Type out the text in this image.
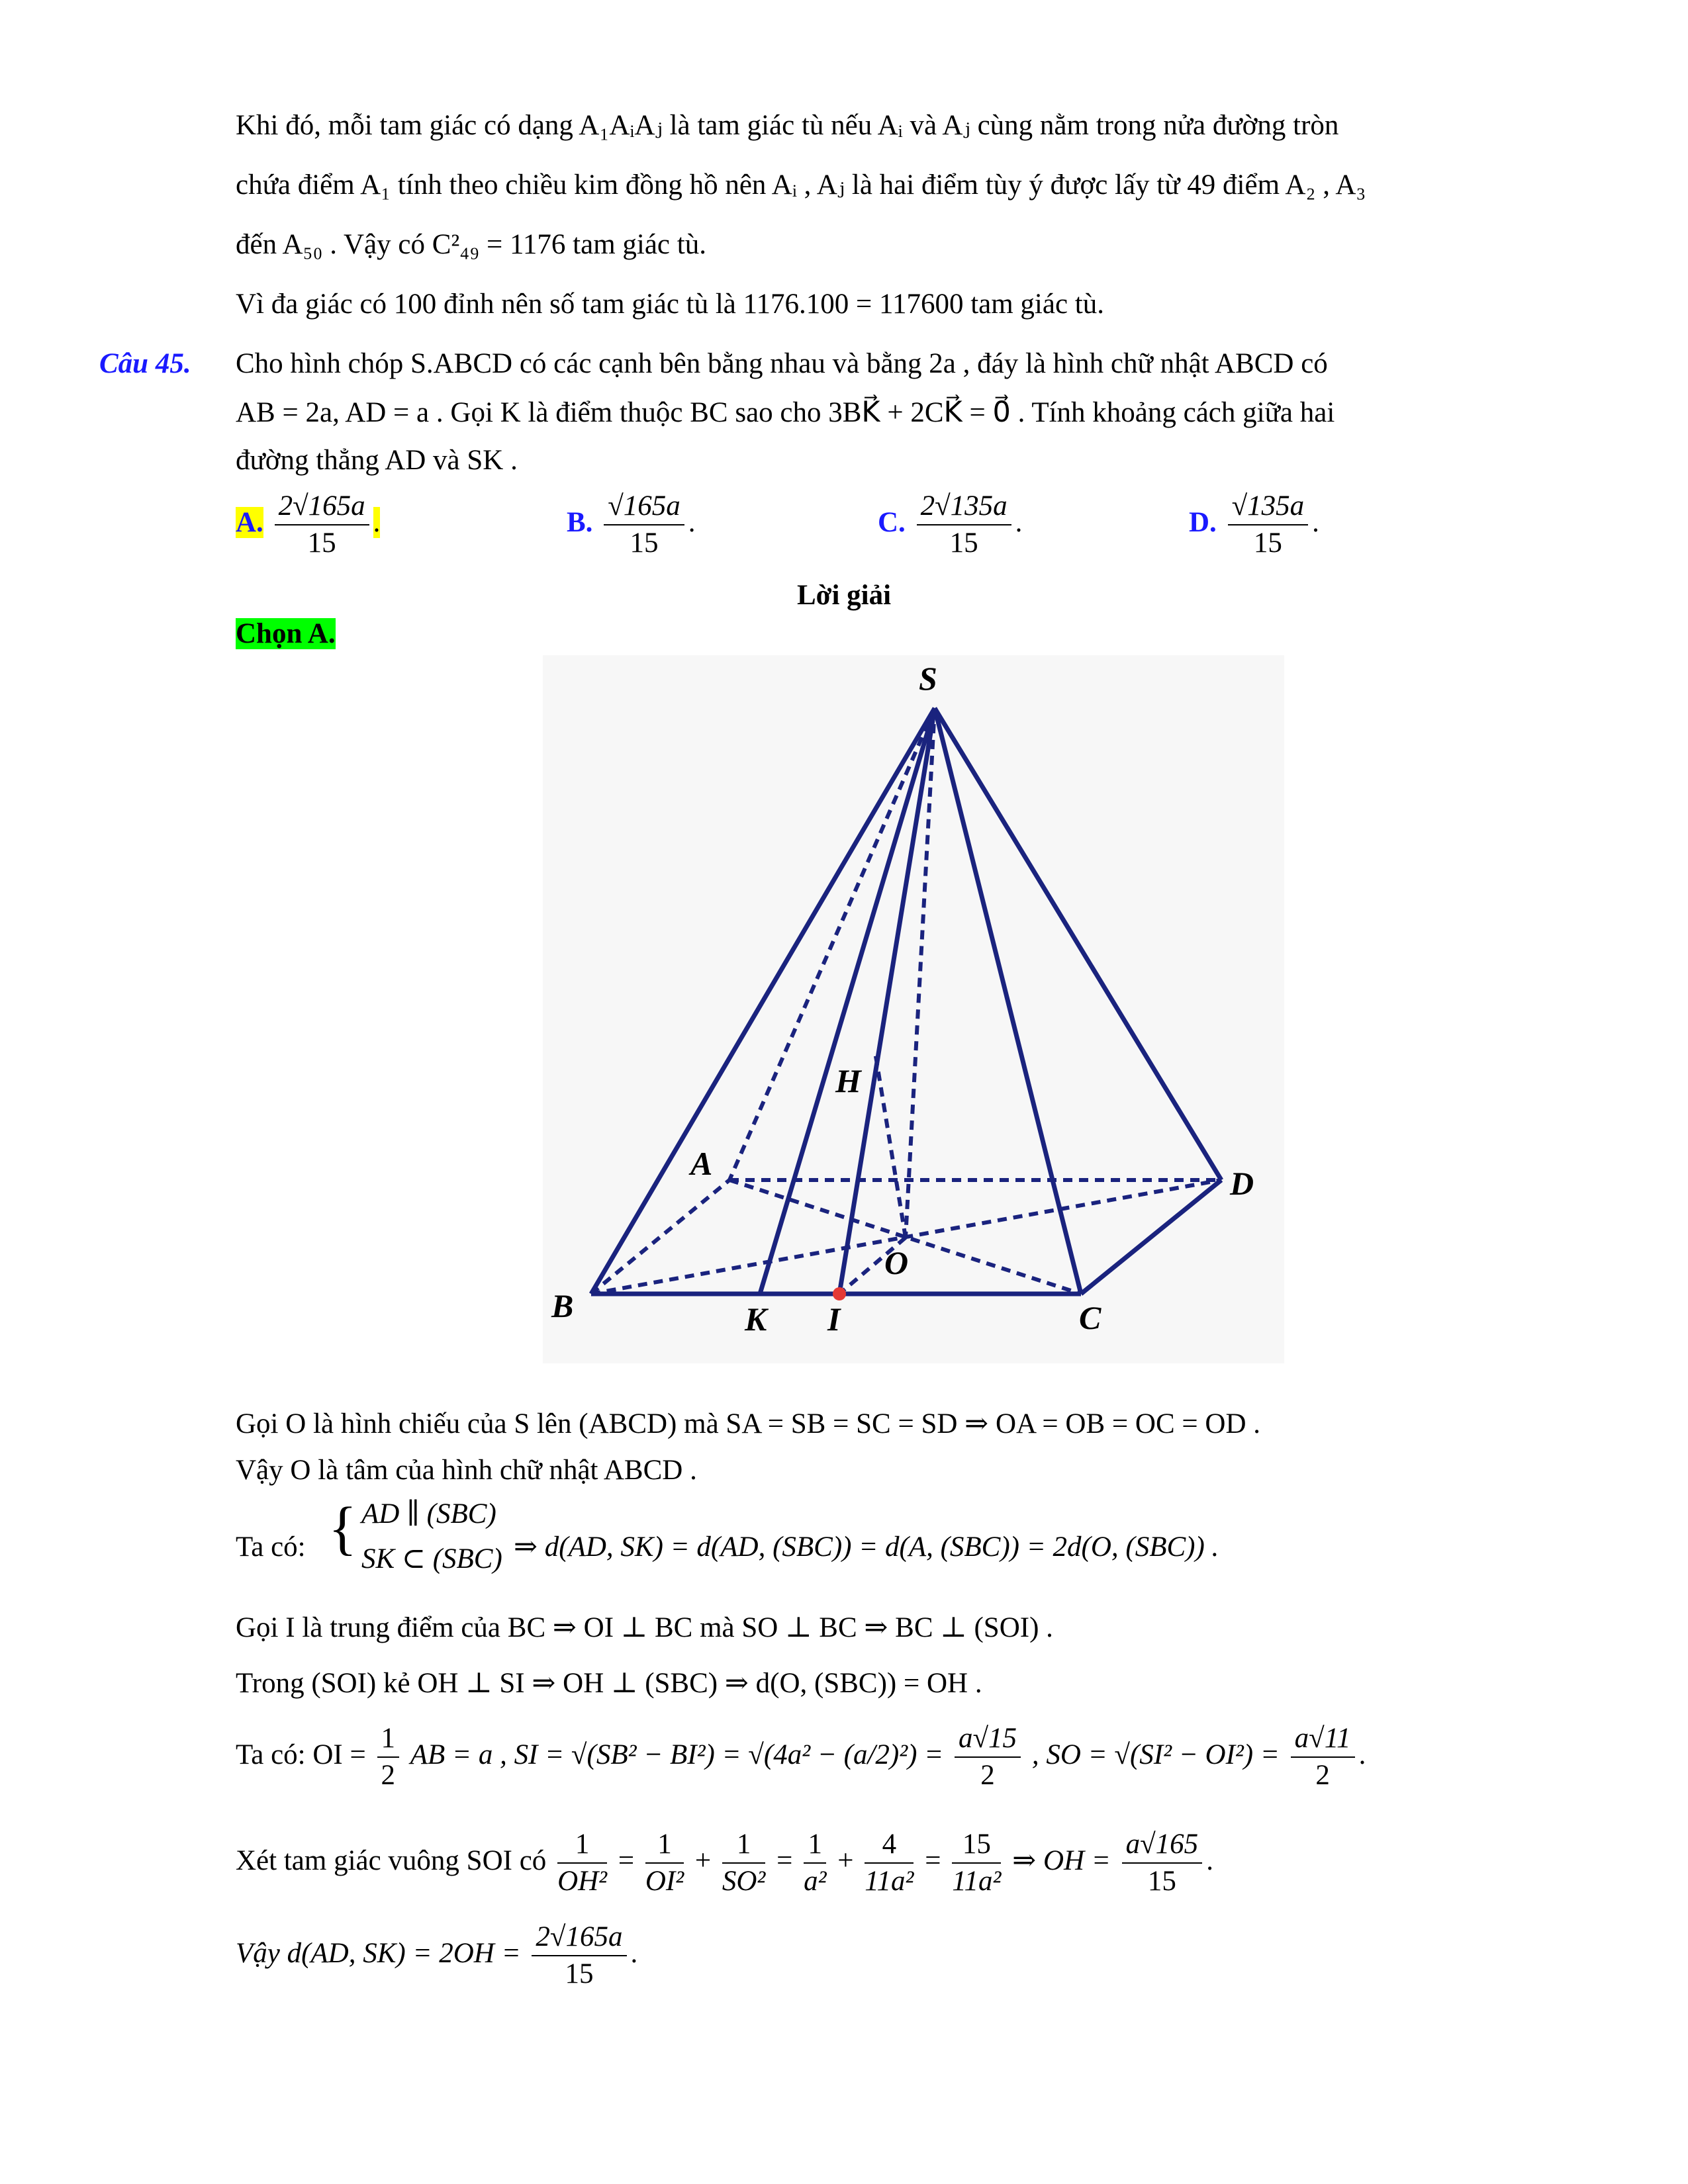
Khi đó, mỗi tam giác có dạng A₁AᵢAⱼ là tam giác tù nếu Aᵢ và Aⱼ cùng nằm trong nửa đường tròn
chứa điểm A₁ tính theo chiều kim đồng hồ nên Aᵢ , Aⱼ là hai điểm tùy ý được lấy từ 49 điểm A₂ , A₃
đến A₅₀ . Vậy có C²₄₉ = 1176 tam giác tù.
Vì đa giác có 100 đỉnh nên số tam giác tù là 1176.100 = 117600 tam giác tù.
Câu 45. Cho hình chóp S.ABCD có các cạnh bên bằng nhau và bằng 2a , đáy là hình chữ nhật ABCD có
AB = 2a, AD = a . Gọi K là điểm thuộc BC sao cho 3BK⃗ + 2CK⃗ = 0⃗ . Tính khoảng cách giữa hai
đường thẳng AD và SK .
A. $\frac{2√165a}{15}$ .	B. $\frac{√165a}{15}$ .	C. $\frac{2√135a}{15}$ .	D. $\frac{√135a}{15}$ .
Lời giải
Chọn A.
S
A
B	C
D
O
H
K I
Gọi O là hình chiếu của S lên (ABCD) mà SA = SB = SC = SD ⇒ OA = OB = OC = OD .
Vậy O là tâm của hình chữ nhật ABCD .
Ta có: { AD ∥ (SBC)
SK ⊂ (SBC) ⇒ d(AD, SK) = d(AD, (SBC)) = d(A, (SBC)) = 2d(O, (SBC)) .
Gọi I là trung điểm của BC ⇒ OI ⊥ BC mà SO ⊥ BC ⇒ BC ⊥ (SOI) .
Trong (SOI) kẻ OH ⊥ SI ⇒ OH ⊥ (SBC) ⇒ d(O, (SBC)) = OH .
Ta có: OI = $\frac{1}{2}$ AB = a , SI = $√(SB^2 - BI^2) = √(4a^2 - (a/2)^2) = \frac{a√15}{2}$ , SO = $√(SI^2 - OI^2) = \frac{a√11}{2}$ .
Xét tam giác vuông SOI có $\frac{1}{\text{OH²}} = \frac{1}{\text{OI²}} + \frac{1}{\text{SO²}} = \frac{1}{\text{a²}} + \frac{4}{\text{11a²}} = \frac{15}{\text{11a²}}$ ⇒ OH = $\frac{a√165}{15}$ .
Vậy d(AD, $SK) = 2OH = \frac{2√165a}{15}$ .
